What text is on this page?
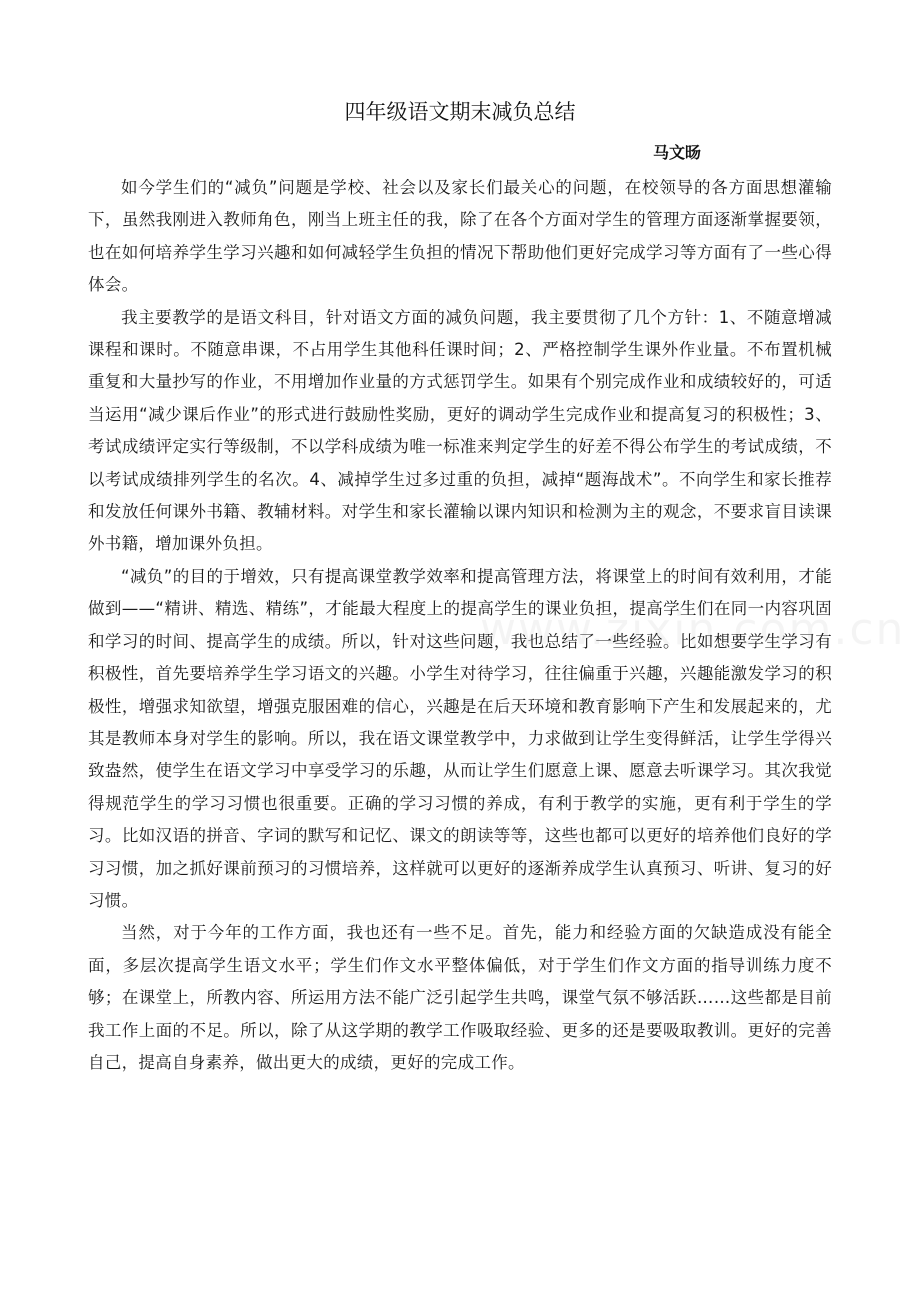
四年级语文期末减负总结
马文旸

如今学生们的“减负”问题是学校、社会以及家长们最关心的问题，在校领导的各方面思想灌输下，虽然我刚进入教师角色，刚当上班主任的我，除了在各个方面对学生的管理方面逐渐掌握要领，也在如何培养学生学习兴趣和如何减轻学生负担的情况下帮助他们更好完成学习等方面有了一些心得体会。

我主要教学的是语文科目，针对语文方面的减负问题，我主要贯彻了几个方针：1、不随意增减课程和课时。不随意串课，不占用学生其他科任课时间；2、严格控制学生课外作业量。不布置机械重复和大量抄写的作业，不用增加作业量的方式惩罚学生。如果有个别完成作业和成绩较好的，可适当运用“减少课后作业”的形式进行鼓励性奖励，更好的调动学生完成作业和提高复习的积极性；3、考试成绩评定实行等级制，不以学科成绩为唯一标准来判定学生的好差不得公布学生的考试成绩，不以考试成绩排列学生的名次。4、减掉学生过多过重的负担，减掉“题海战术”。不向学生和家长推荐和发放任何课外书籍、教辅材料。对学生和家长灌输以课内知识和检测为主的观念，不要求盲目读课外书籍，增加课外负担。

“减负”的目的于增效，只有提高课堂教学效率和提高管理方法，将课堂上的时间有效利用，才能做到——“精讲、精选、精练”，才能最大程度上的提高学生的课业负担，提高学生们在同一内容巩固和学习的时间、提高学生的成绩。所以，针对这些问题，我也总结了一些经验。比如想要学生学习有积极性，首先要培养学生学习语文的兴趣。小学生对待学习，往往偏重于兴趣，兴趣能激发学习的积极性，增强求知欲望，增强克服困难的信心，兴趣是在后天环境和教育影响下产生和发展起来的，尤其是教师本身对学生的影响。所以，我在语文课堂教学中，力求做到让学生变得鲜活，让学生学得兴致盎然，使学生在语文学习中享受学习的乐趣，从而让学生们愿意上课、愿意去听课学习。其次我觉得规范学生的学习习惯也很重要。正确的学习习惯的养成，有利于教学的实施，更有利于学生的学习。比如汉语的拼音、字词的默写和记忆、课文的朗读等等，这些也都可以更好的培养他们良好的学习习惯，加之抓好课前预习的习惯培养，这样就可以更好的逐渐养成学生认真预习、听讲、复习的好习惯。

当然，对于今年的工作方面，我也还有一些不足。首先，能力和经验方面的欠缺造成没有能全面，多层次提高学生语文水平；学生们作文水平整体偏低，对于学生们作文方面的指导训练力度不够；在课堂上，所教内容、所运用方法不能广泛引起学生共鸣，课堂气氛不够活跃……这些都是目前我工作上面的不足。所以，除了从这学期的教学工作吸取经验、更多的还是要吸取教训。更好的完善自己，提高自身素养，做出更大的成绩，更好的完成工作。
